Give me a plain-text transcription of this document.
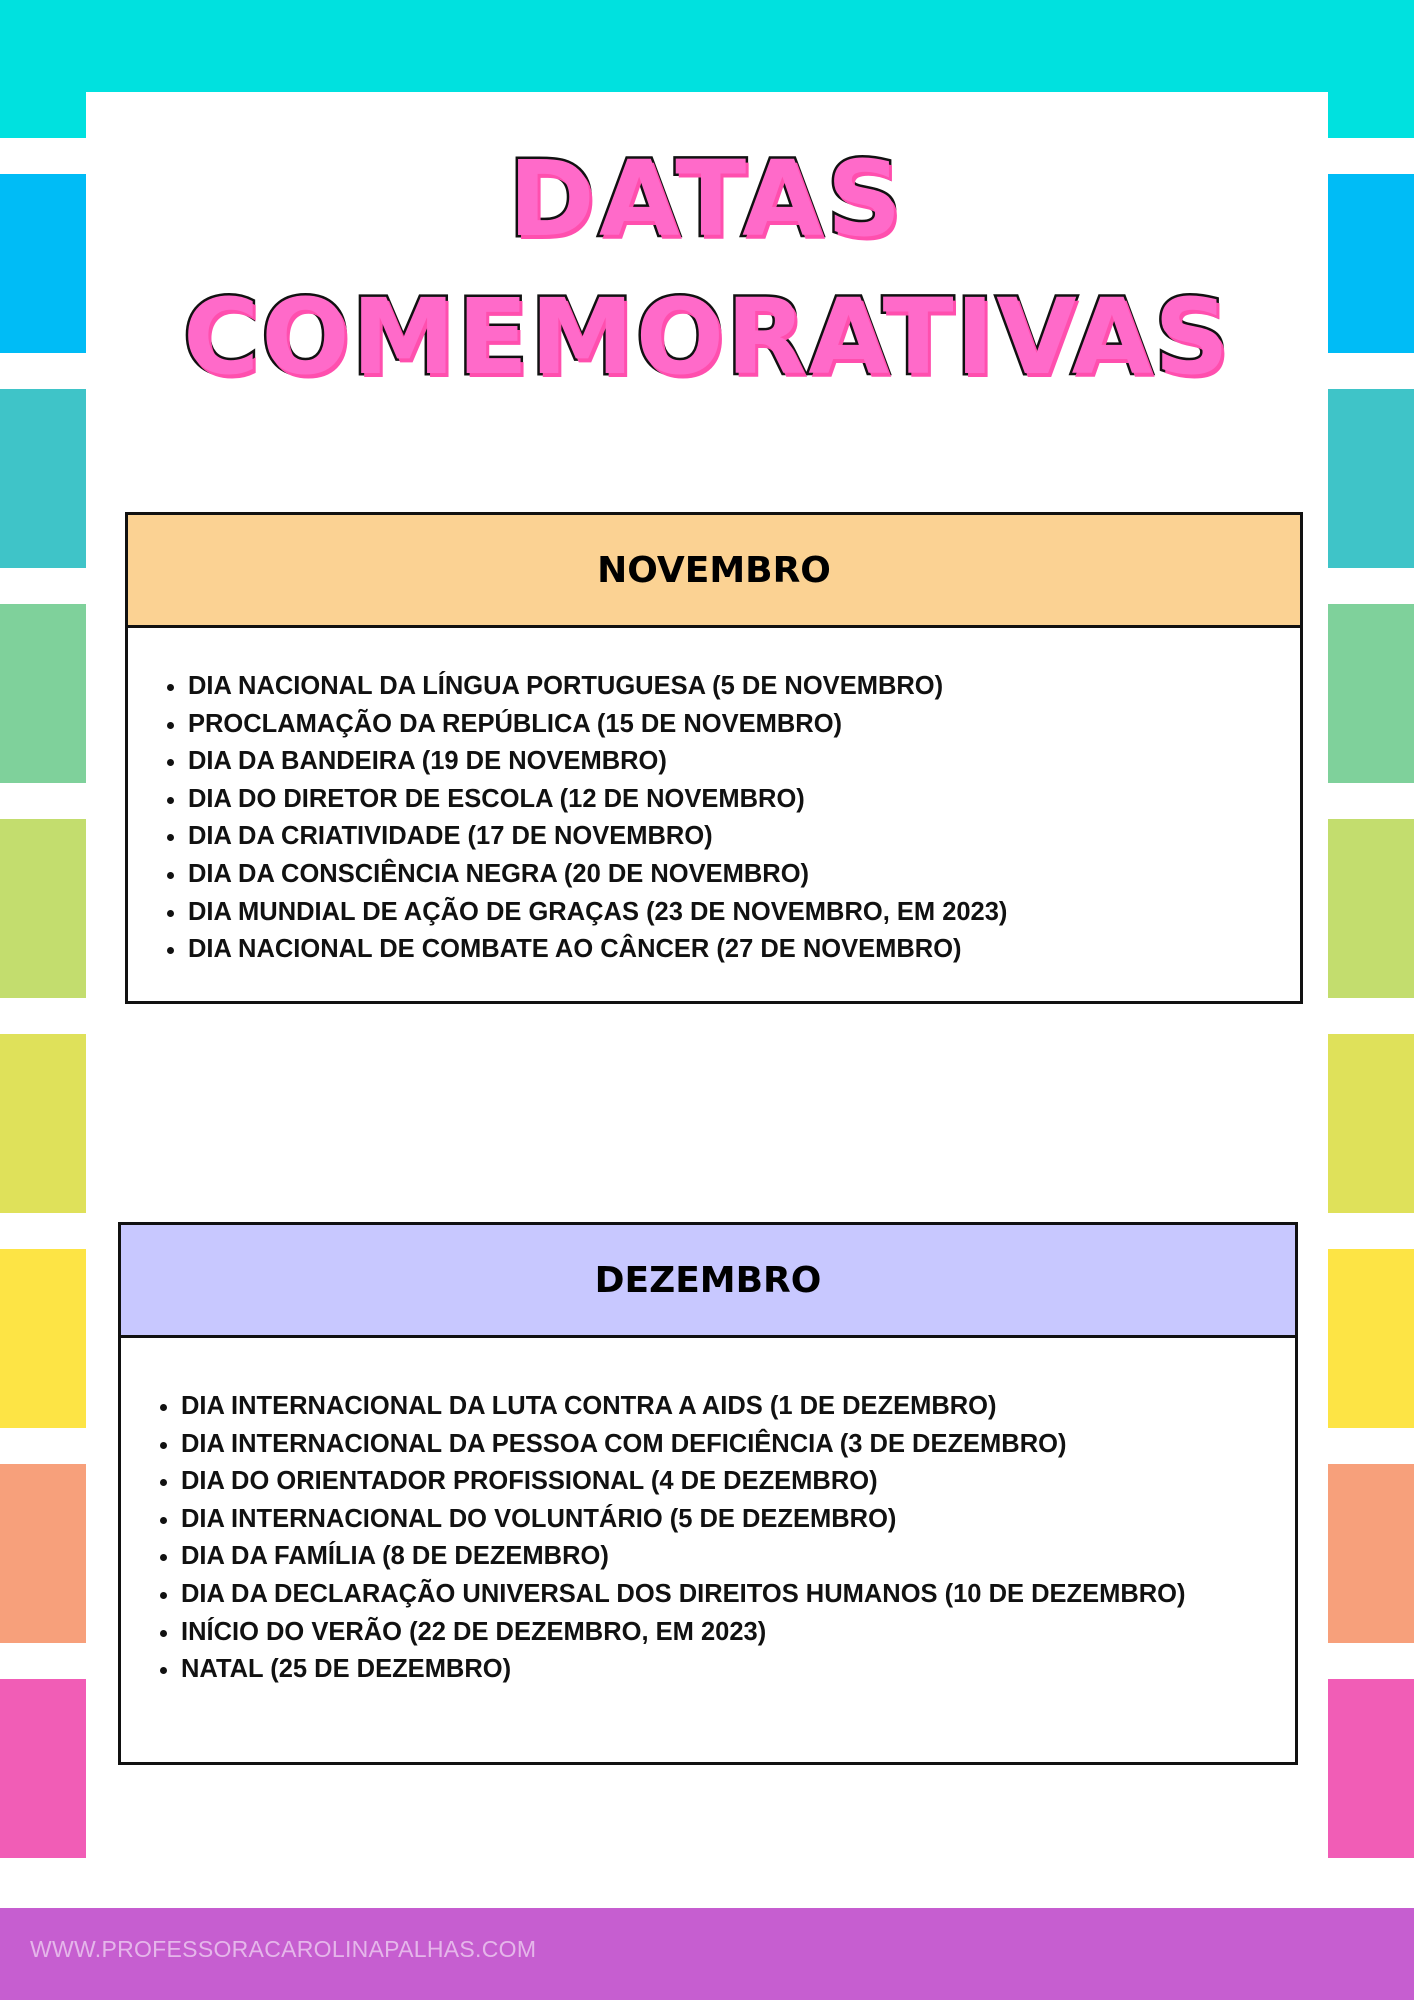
WWW.PROFESSORACAROLINAPALHAS.COM
DATAS
COMEMORATIVAS
NOVEMBRO
• DIA NACIONAL DA LÍNGUA PORTUGUESA (5 DE NOVEMBRO)
• PROCLAMAÇÃO DA REPÚBLICA (15 DE NOVEMBRO)
• DIA DA BANDEIRA (19 DE NOVEMBRO)
• DIA DO DIRETOR DE ESCOLA (12 DE NOVEMBRO)
• DIA DA CRIATIVIDADE (17 DE NOVEMBRO)
• DIA DA CONSCIÊNCIA NEGRA (20 DE NOVEMBRO)
• DIA MUNDIAL DE AÇÃO DE GRAÇAS (23 DE NOVEMBRO, EM 2023)
• DIA NACIONAL DE COMBATE AO CÂNCER (27 DE NOVEMBRO)
DEZEMBRO
• DIA INTERNACIONAL DA LUTA CONTRA A AIDS (1 DE DEZEMBRO)
• DIA INTERNACIONAL DA PESSOA COM DEFICIÊNCIA (3 DE DEZEMBRO)
• DIA DO ORIENTADOR PROFISSIONAL (4 DE DEZEMBRO)
• DIA INTERNACIONAL DO VOLUNTÁRIO (5 DE DEZEMBRO)
• DIA DA FAMÍLIA (8 DE DEZEMBRO)
• DIA DA DECLARAÇÃO UNIVERSAL DOS DIREITOS HUMANOS (10 DE DEZEMBRO)
• INÍCIO DO VERÃO (22 DE DEZEMBRO, EM 2023)
• NATAL (25 DE DEZEMBRO)
